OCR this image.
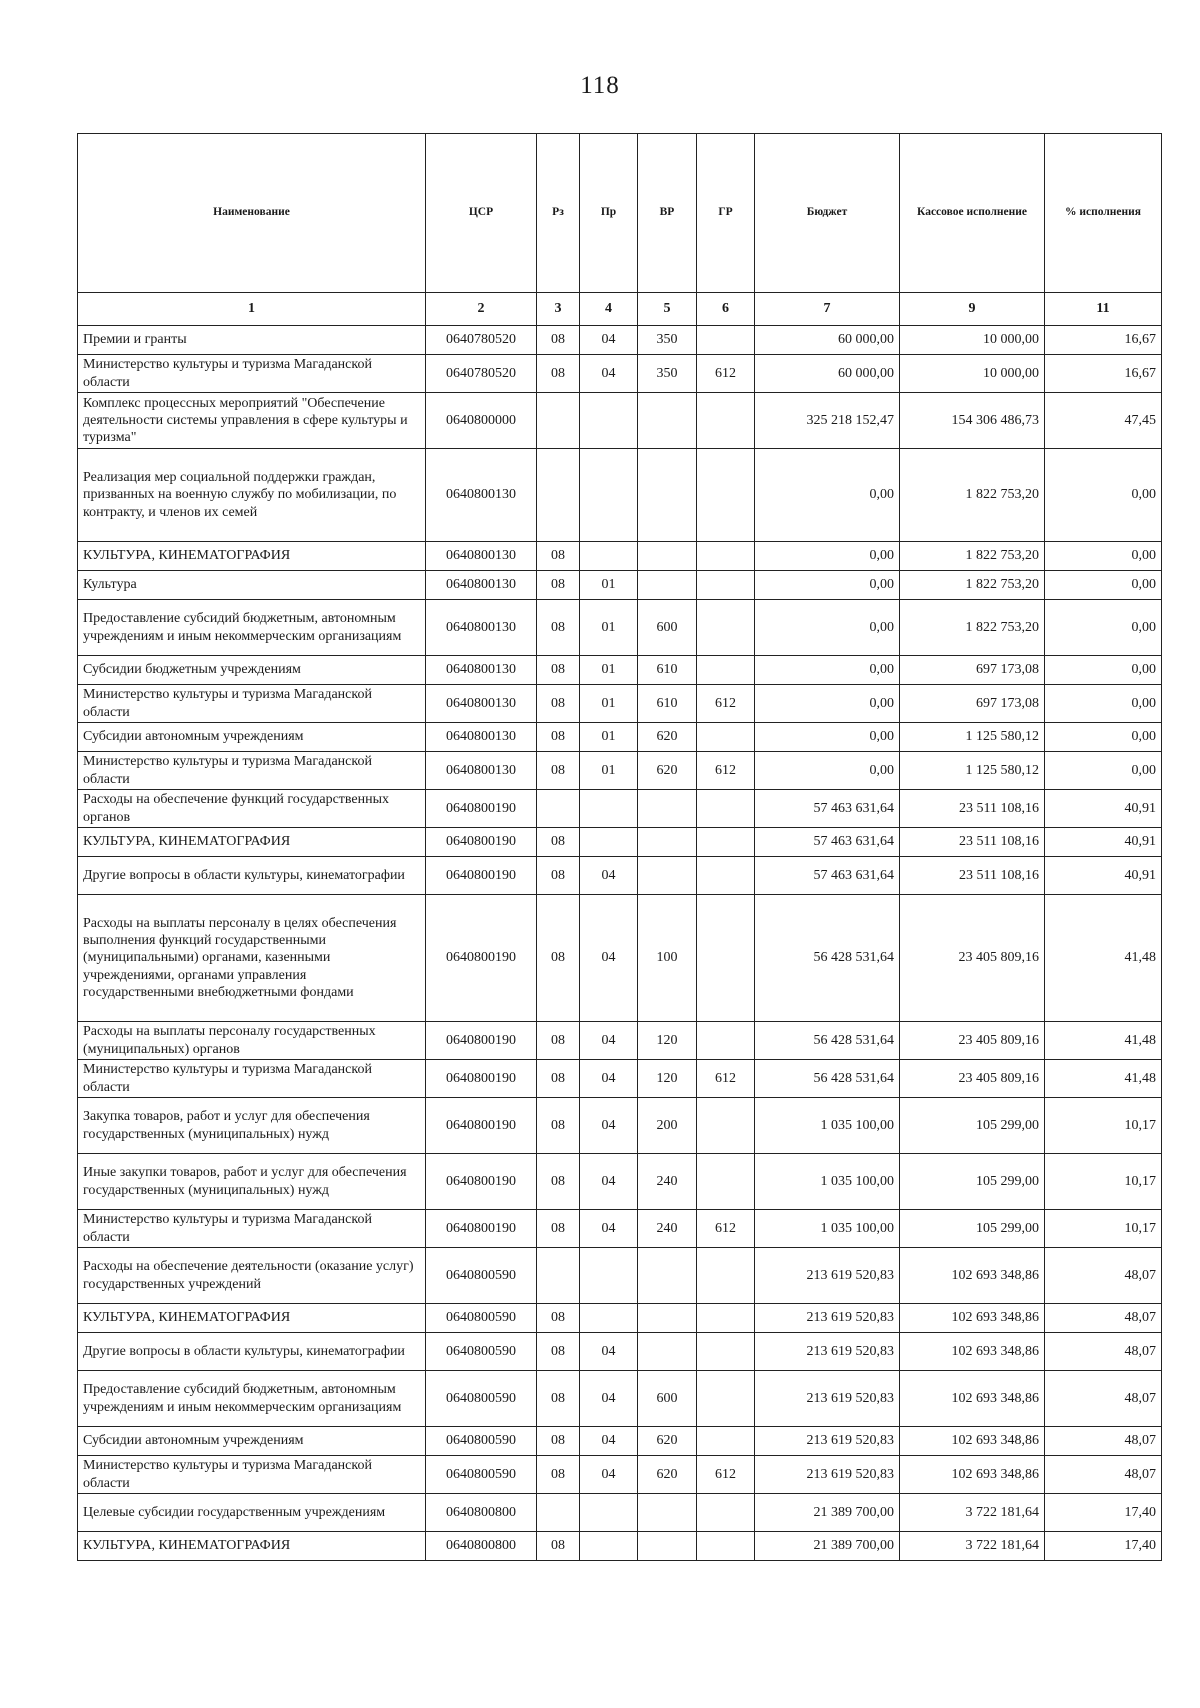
118
Наименование	ЦСР	Рз	Пр	ВР	ГР	Бюджет	Кассовое исполнение	% исполнения
1	2	3	4	5	6	7	9	11
Премии и гранты	0640780520	08	04	350		60 000,00	10 000,00	16,67
Министерство культуры и туризма Магаданской области	0640780520	08	04	350	612	60 000,00	10 000,00	16,67
Комплекс процессных мероприятий "Обеспечение деятельности системы управления в сфере культуры и туризма"	0640800000					325 218 152,47	154 306 486,73	47,45
Реализация мер социальной поддержки граждан, призванных на военную службу по мобилизации, по контракту, и членов их семей	0640800130					0,00	1 822 753,20	0,00
КУЛЬТУРА, КИНЕМАТОГРАФИЯ	0640800130	08				0,00	1 822 753,20	0,00
Культура	0640800130	08	01			0,00	1 822 753,20	0,00
Предоставление субсидий бюджетным, автономным учреждениям и иным некоммерческим организациям	0640800130	08	01	600		0,00	1 822 753,20	0,00
Субсидии бюджетным учреждениям	0640800130	08	01	610		0,00	697 173,08	0,00
Министерство культуры и туризма Магаданской области	0640800130	08	01	610	612	0,00	697 173,08	0,00
Субсидии автономным учреждениям	0640800130	08	01	620		0,00	1 125 580,12	0,00
Министерство культуры и туризма Магаданской области	0640800130	08	01	620	612	0,00	1 125 580,12	0,00
Расходы на обеспечение функций государственных органов	0640800190					57 463 631,64	23 511 108,16	40,91
КУЛЬТУРА, КИНЕМАТОГРАФИЯ	0640800190	08				57 463 631,64	23 511 108,16	40,91
Другие вопросы в области культуры, кинематографии	0640800190	08	04			57 463 631,64	23 511 108,16	40,91
Расходы на выплаты персоналу в целях обеспечения выполнения функций государственными (муниципальными) органами, казенными учреждениями, органами управления государственными внебюджетными фондами	0640800190	08	04	100		56 428 531,64	23 405 809,16	41,48
Расходы на выплаты персоналу государственных (муниципальных) органов	0640800190	08	04	120		56 428 531,64	23 405 809,16	41,48
Министерство культуры и туризма Магаданской области	0640800190	08	04	120	612	56 428 531,64	23 405 809,16	41,48
Закупка товаров, работ и услуг для обеспечения государственных (муниципальных) нужд	0640800190	08	04	200		1 035 100,00	105 299,00	10,17
Иные закупки товаров, работ и услуг для обеспечения государственных (муниципальных) нужд	0640800190	08	04	240		1 035 100,00	105 299,00	10,17
Министерство культуры и туризма Магаданской области	0640800190	08	04	240	612	1 035 100,00	105 299,00	10,17
Расходы на обеспечение деятельности (оказание услуг) государственных учреждений	0640800590					213 619 520,83	102 693 348,86	48,07
КУЛЬТУРА, КИНЕМАТОГРАФИЯ	0640800590	08				213 619 520,83	102 693 348,86	48,07
Другие вопросы в области культуры, кинематографии	0640800590	08	04			213 619 520,83	102 693 348,86	48,07
Предоставление субсидий бюджетным, автономным учреждениям и иным некоммерческим организациям	0640800590	08	04	600		213 619 520,83	102 693 348,86	48,07
Субсидии автономным учреждениям	0640800590	08	04	620		213 619 520,83	102 693 348,86	48,07
Министерство культуры и туризма Магаданской области	0640800590	08	04	620	612	213 619 520,83	102 693 348,86	48,07
Целевые субсидии государственным учреждениям	0640800800					21 389 700,00	3 722 181,64	17,40
КУЛЬТУРА, КИНЕМАТОГРАФИЯ	0640800800	08				21 389 700,00	3 722 181,64	17,40
